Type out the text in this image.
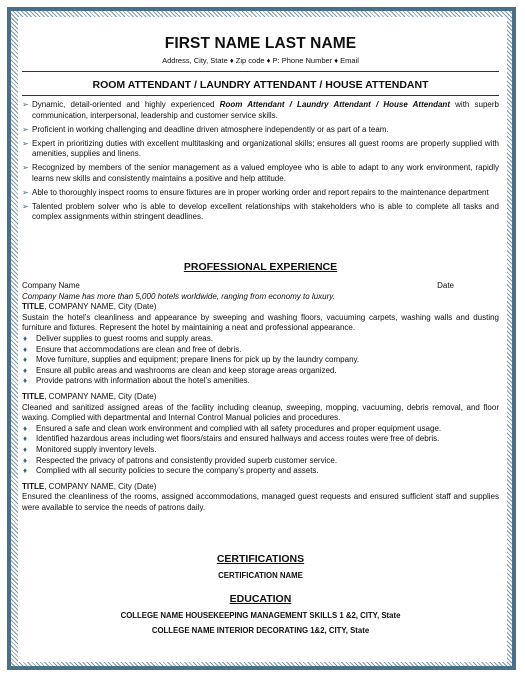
FIRST NAME LAST NAME
Address, City, State ♦ Zip code ♦ P: Phone Number ♦ Email
ROOM ATTENDANT / LAUNDRY ATTENDANT / HOUSE ATTENDANT
➢ Dynamic, detail-oriented and highly experienced Room Attendant / Laundry Attendant / House Attendant with superb communication, interpersonal, leadership and customer service skills.
➢ Proficient in working challenging and deadline driven atmosphere independently or as part of a team.
➢ Expert in prioritizing duties with excellent multitasking and organizational skills; ensures all guest rooms are properly supplied with amenities, supplies and linens.
➢ Recognized by members of the senior management as a valued employee who is able to adapt to any work environment, rapidly learns new skills and consistently maintains a positive and help attitude.
➢ Able to thoroughly inspect rooms to ensure fixtures are in proper working order and report repairs to the maintenance department
➢ Talented problem solver who is able to develop excellent relationships with stakeholders who is able to complete all tasks and complex assignments within stringent deadlines.
PROFESSIONAL EXPERIENCE
Company Name	Date
Company Name has more than 5,000 hotels worldwide, ranging from economy to luxury.
TITLE, COMPANY NAME, City (Date)
Sustain the hotel’s cleanliness and appearance by sweeping and washing floors, vacuuming carpets, washing walls and dusting furniture and fixtures. Represent the hotel by maintaining a neat and professional appearance.
♦ Deliver supplies to guest rooms and supply areas.
♦ Ensure that accommodations are clean and free of debris.
♦ Move furniture, supplies and equipment; prepare linens for pick up by the laundry company.
♦ Ensure all public areas and washrooms are clean and keep storage areas organized.
♦ Provide patrons with information about the hotel’s amenities.
TITLE, COMPANY NAME, City (Date)
Cleaned and sanitized assigned areas of the facility including cleanup, sweeping, mopping, vacuuming, debris removal, and floor waxing. Complied with departmental and Internal Control Manual policies and procedures.
♦ Ensured a safe and clean work environment and complied with all safety procedures and proper equipment usage.
♦ Identified hazardous areas including wet floors/stairs and ensured hallways and access routes were free of debris.
♦ Monitored supply inventory levels.
♦ Respected the privacy of patrons and consistently provided superb customer service.
♦ Complied with all security policies to secure the company’s property and assets.
TITLE, COMPANY NAME, City (Date)
Ensured the cleanliness of the rooms, assigned accommodations, managed guest requests and ensured sufficient staff and supplies were available to service the needs of patrons daily.
CERTIFICATIONS
CERTIFICATION NAME
EDUCATION
COLLEGE NAME HOUSEKEEPING MANAGEMENT SKILLS 1 &2, CITY, State
COLLEGE NAME INTERIOR DECORATING 1&2, CITY, State
